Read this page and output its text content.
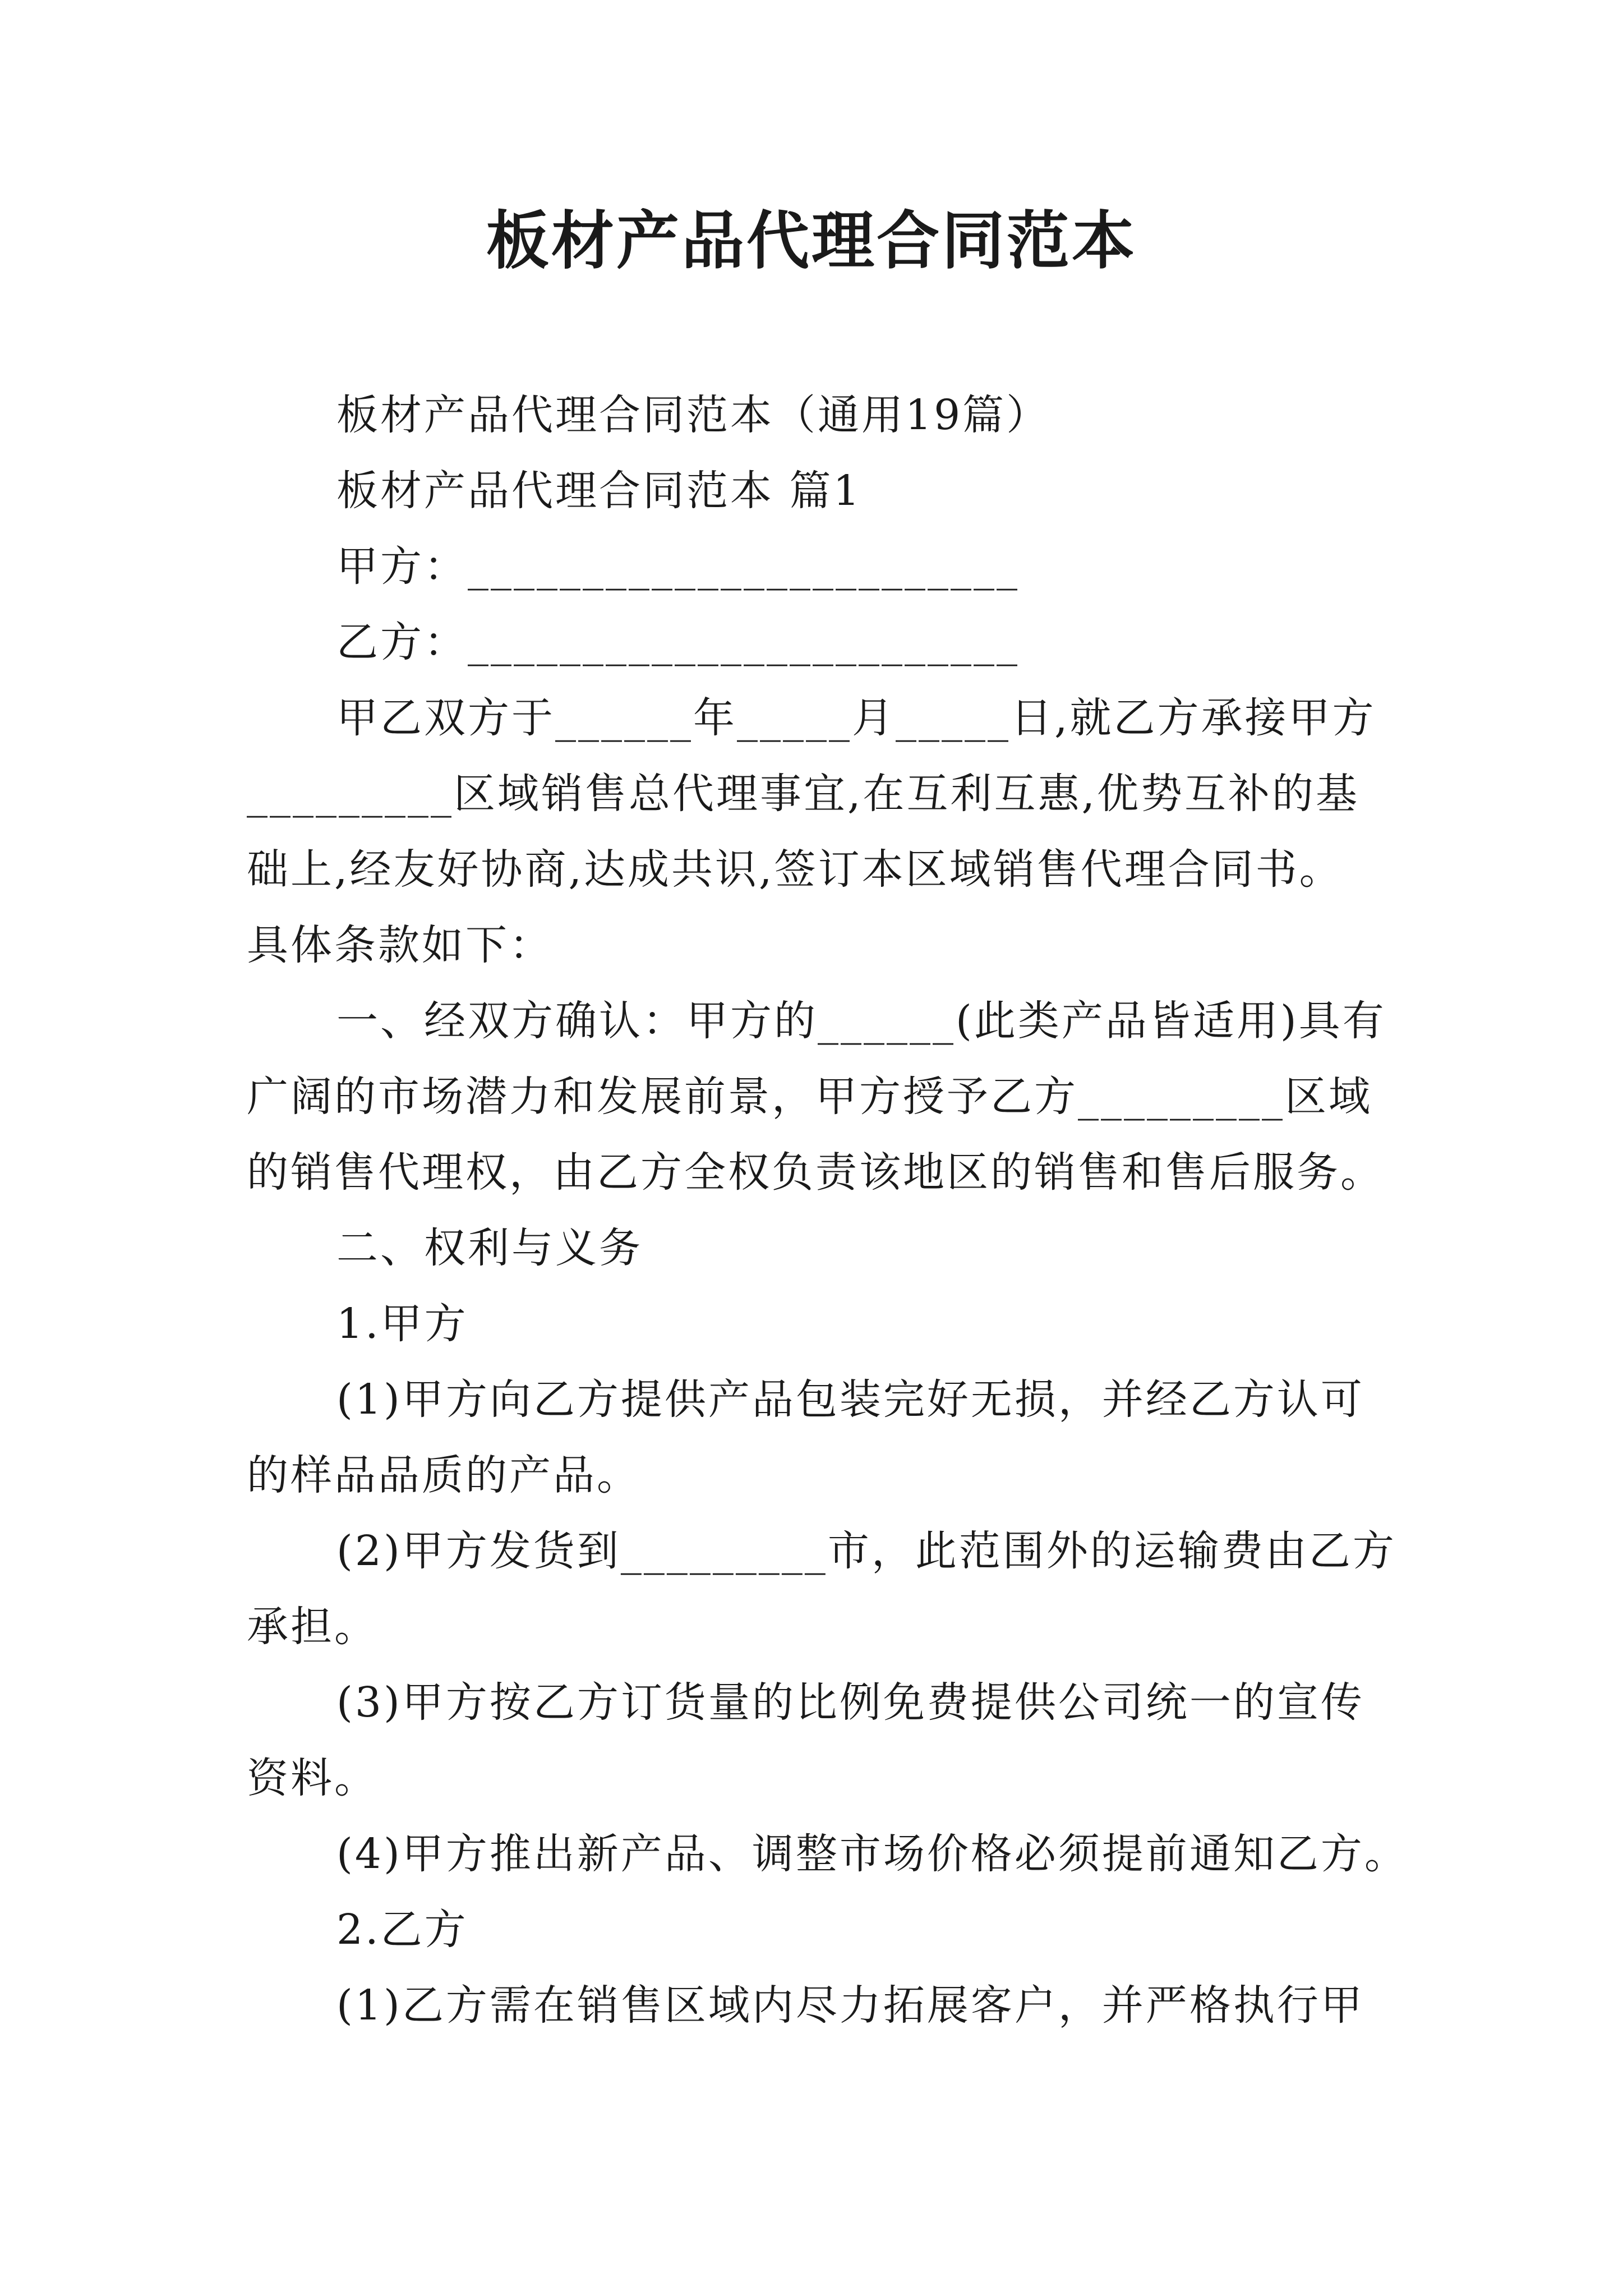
板材产品代理合同范本

板材产品代理合同范本（通用19篇）

板材产品代理合同范本 篇1

甲方：________________________

乙方：________________________

甲乙双方于______年_____月_____日,就乙方承接甲方

_________区域销售总代理事宜,在互利互惠,优势互补的基

础上,经友好协商,达成共识,签订本区域销售代理合同书。

具体条款如下：

一、经双方确认：甲方的______(此类产品皆适用)具有

广阔的市场潜力和发展前景，甲方授予乙方_________区域

的销售代理权，由乙方全权负责该地区的销售和售后服务。

二、权利与义务

1.甲方

(1)甲方向乙方提供产品包装完好无损，并经乙方认可

的样品品质的产品。

(2)甲方发货到_________市，此范围外的运输费由乙方

承担。

(3)甲方按乙方订货量的比例免费提供公司统一的宣传

资料。

(4)甲方推出新产品、调整市场价格必须提前通知乙方。

2.乙方

(1)乙方需在销售区域内尽力拓展客户，并严格执行甲
